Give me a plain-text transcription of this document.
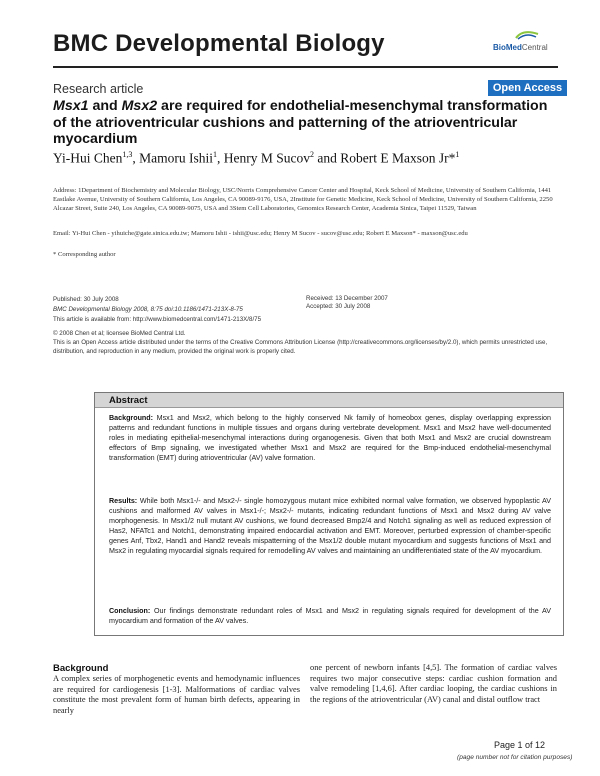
BMC Developmental Biology	BioMedCentral
Research article	Open Access
Msx1 and Msx2 are required for endothelial-mesenchymal transformation of the atrioventricular cushions and patterning of the atrioventricular myocardium
Yi-Hui Chen$^{1,3}$, Mamoru Ishii$^1$, Henry M Sucov$^2$ and Robert E Maxson Jr*$^1$
Address: 1Department of Biochemistry and Molecular Biology, USC/Norris Comprehensive Cancer Center and Hospital, Keck School of Medicine, University of Southern California, 1441 Eastlake Avenue, University of Southern California, Los Angeles, CA 90089-9176, USA, 2Institute for Genetic Medicine, Keck School of Medicine, University of Southern California, 2250 Alcazar Street, Suite 240, Los Angeles, CA 90089-9075, USA and 3Stem Cell Laboratories, Genomics Research Center, Academia Sinica, Taipei 11529, Taiwan
Email: Yi-Hui Chen - yihuiche@gate.sinica.edu.tw; Mamoru Ishii - ishii@usc.edu; Henry M Sucov - sucov@usc.edu; Robert E Maxson* - maxson@usc.edu
* Corresponding author
Published: 30 July 2008
BMC Developmental Biology 2008, 8:75 doi:10.1186/1471-213X-8-75
This article is available from: http://www.biomedcentral.com/1471-213X/8/75
Received: 13 December 2007
Accepted: 30 July 2008
© 2008 Chen et al; licensee BioMed Central Ltd.
This is an Open Access article distributed under the terms of the Creative Commons Attribution License (http://creativecommons.org/licenses/by/2.0), which permits unrestricted use, distribution, and reproduction in any medium, provided the original work is properly cited.
Abstract
Background: Msx1 and Msx2, which belong to the highly conserved Nk family of homeobox genes, display overlapping expression patterns and redundant functions in multiple tissues and organs during vertebrate development. Msx1 and Msx2 have well-documented roles in mediating epithelial-mesenchymal interactions during organogenesis. Given that both Msx1 and Msx2 are crucial downstream effectors of Bmp signaling, we investigated whether Msx1 and Msx2 are required for the Bmp-induced endothelial-mesenchymal transformation (EMT) during atrioventricular (AV) valve formation.
Results: While both Msx1-/- and Msx2-/- single homozygous mutant mice exhibited normal valve formation, we observed hypoplastic AV cushions and malformed AV valves in Msx1-/-; Msx2-/- mutants, indicating redundant functions of Msx1 and Msx2 during AV valve morphogenesis. In Msx1/2 null mutant AV cushions, we found decreased Bmp2/4 and Notch1 signaling as well as reduced expression of Has2, NFATc1 and Notch1, demonstrating impaired endocardial activation and EMT. Moreover, perturbed expression of chamber-specific genes Anf, Tbx2, Hand1 and Hand2 reveals mispatterning of the Msx1/2 double mutant myocardium and suggests functions of Msx1 and Msx2 in regulating myocardial signals required for remodelling AV valves and maintaining an undifferentiated state of the AV myocardium.
Conclusion: Our findings demonstrate redundant roles of Msx1 and Msx2 in regulating signals required for development of the AV myocardium and formation of the AV valves.
Background
A complex series of morphogenetic events and hemodynamic influences are required for cardiogenesis [1-3]. Malformations of cardiac valves constitute the most prevalent form of human birth defects, appearing in nearly
one percent of newborn infants [4,5]. The formation of cardiac valves requires two major consecutive steps: cardiac cushion formation and valve remodeling [1,4,6]. After cardiac looping, the cardiac cushions in the regions of the atrioventricular (AV) canal and distal outflow tract
Page 1 of 12
(page number not for citation purposes)
